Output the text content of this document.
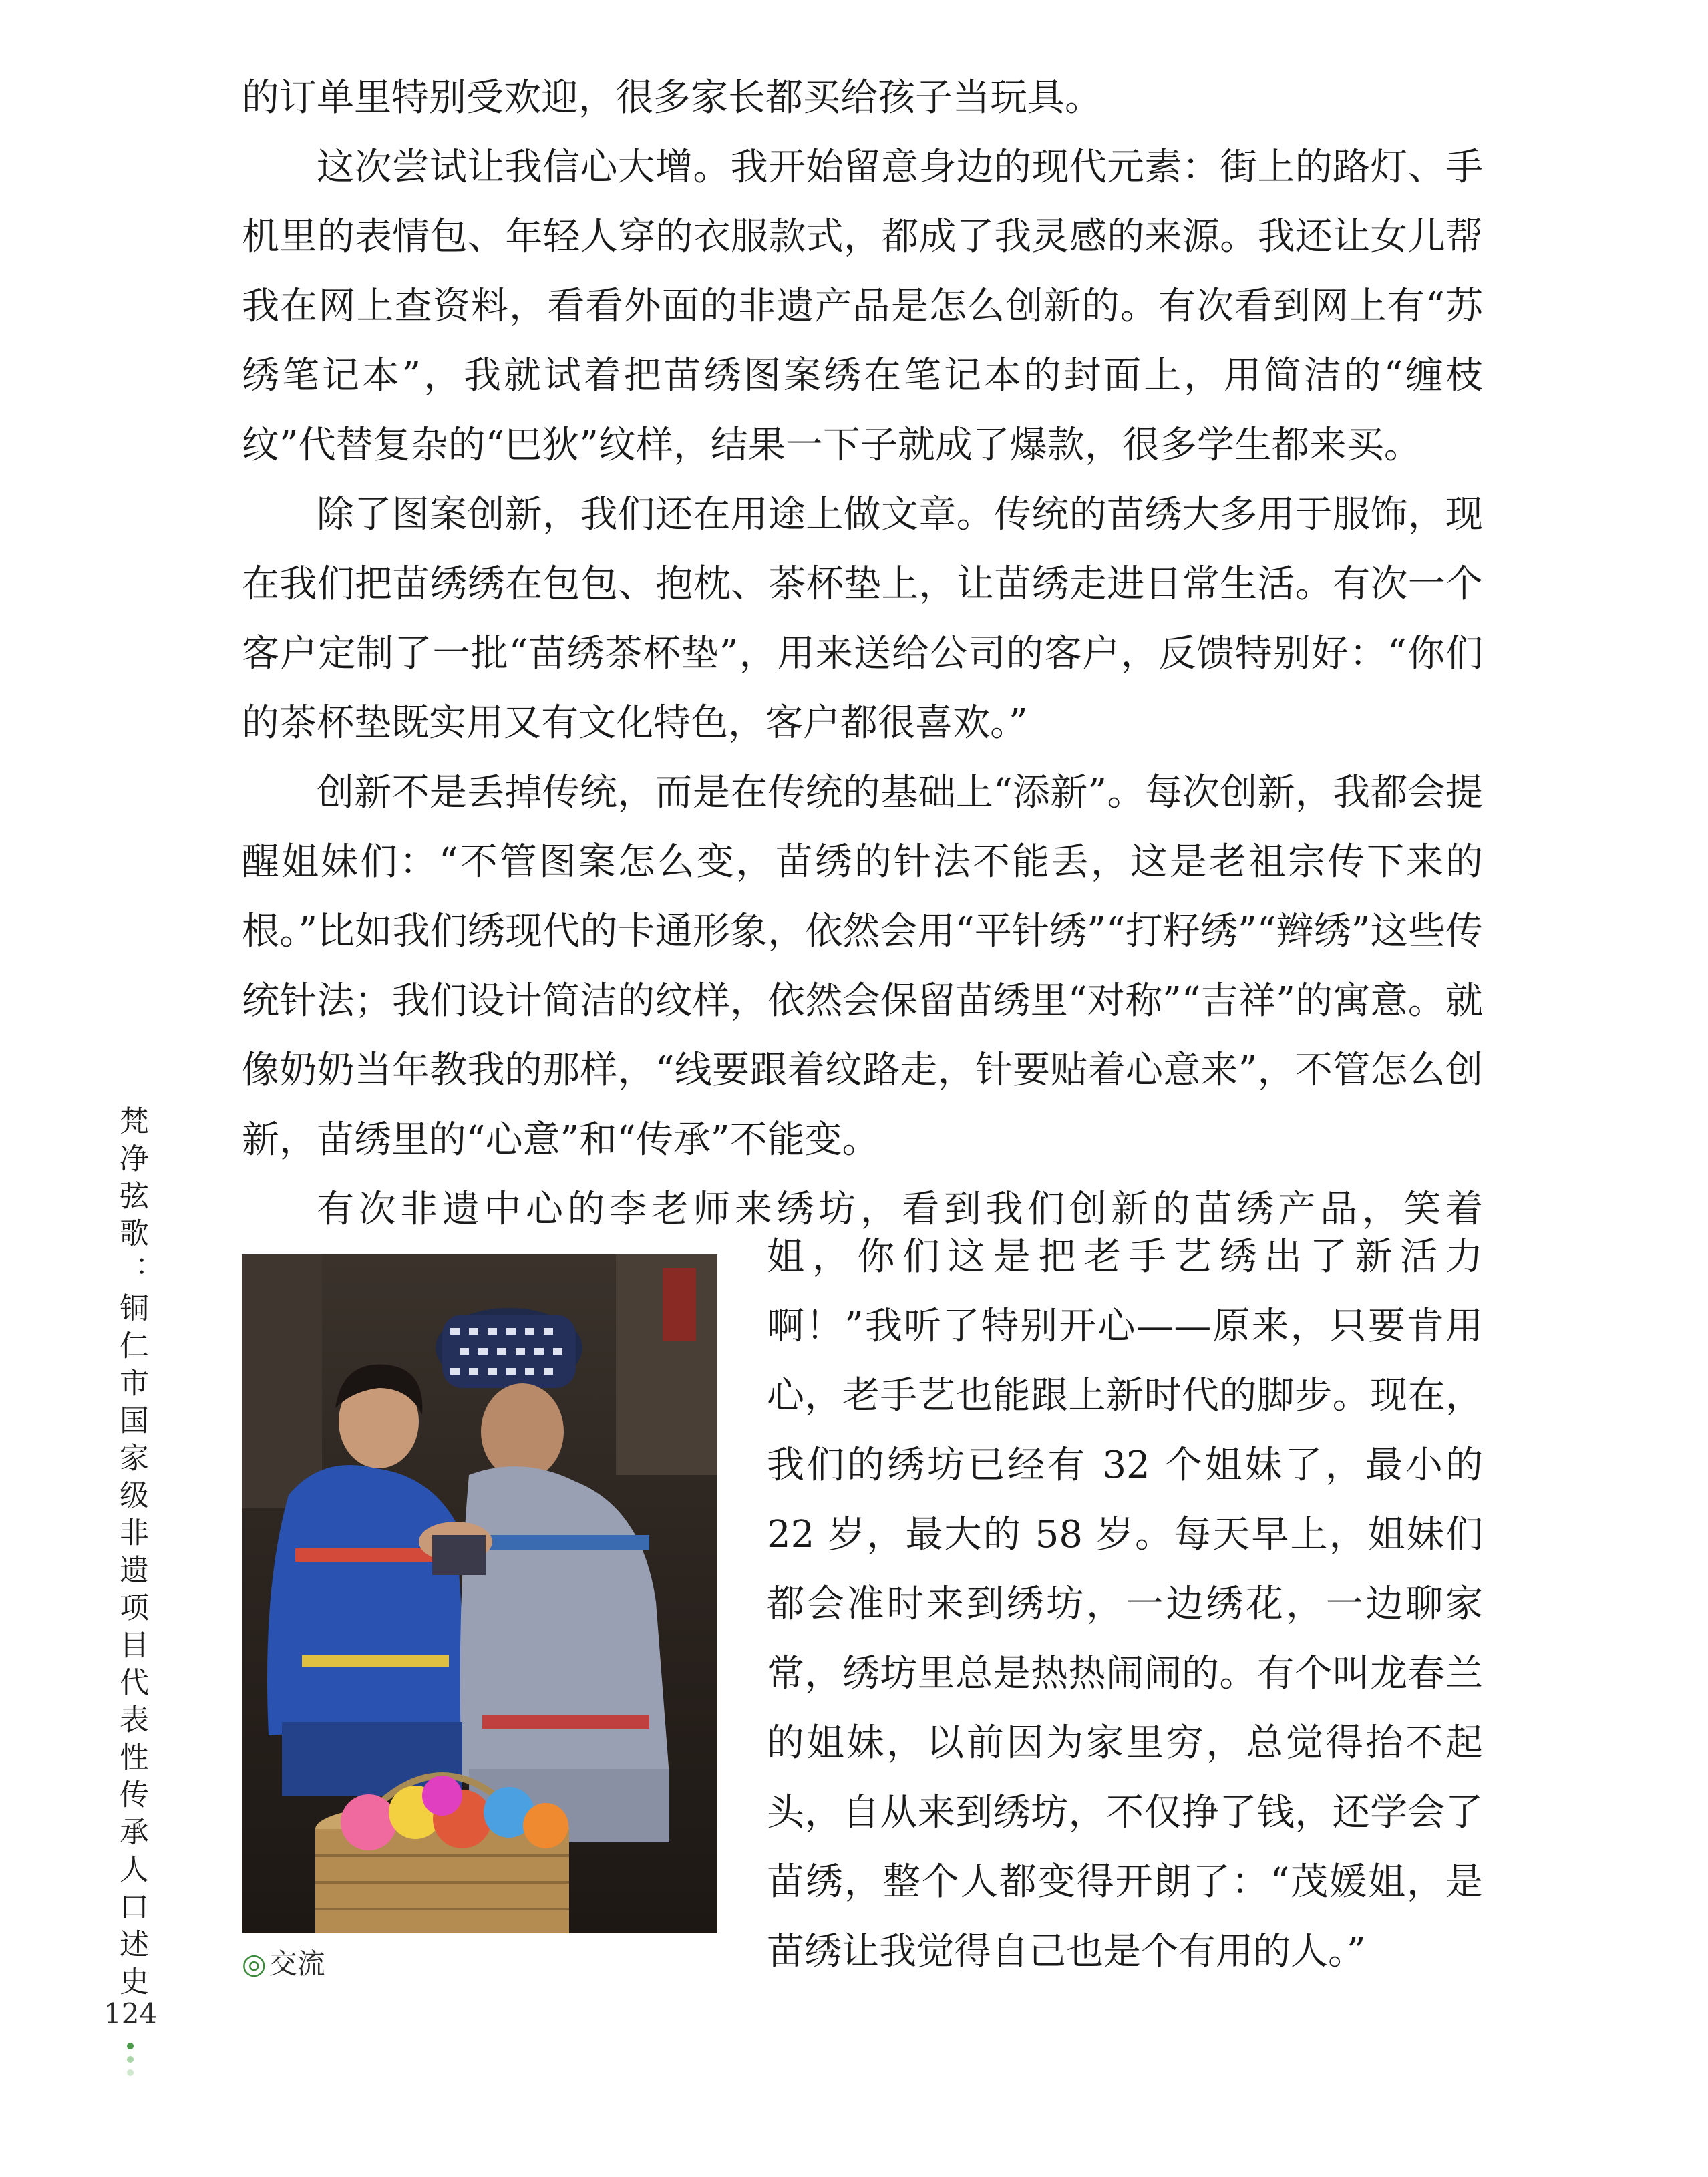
的订单里特别受欢迎，很多家长都买给孩子当玩具。

这次尝试让我信心大增。我开始留意身边的现代元素：街上的路灯、手机里的表情包、年轻人穿的衣服款式，都成了我灵感的来源。我还让女儿帮我在网上查资料，看看外面的非遗产品是怎么创新的。有次看到网上有“苏绣笔记本”，我就试着把苗绣图案绣在笔记本的封面上，用简洁的“缠枝纹”代替复杂的“巴狄”纹样，结果一下子就成了爆款，很多学生都来买。

除了图案创新，我们还在用途上做文章。传统的苗绣大多用于服饰，现在我们把苗绣绣在包包、抱枕、茶杯垫上，让苗绣走进日常生活。有次一个客户定制了一批“苗绣茶杯垫”，用来送给公司的客户，反馈特别好：“你们的茶杯垫既实用又有文化特色，客户都很喜欢。”

创新不是丢掉传统，而是在传统的基础上“添新”。每次创新，我都会提醒姐妹们：“不管图案怎么变，苗绣的针法不能丢，这是老祖宗传下来的根。”比如我们绣现代的卡通形象，依然会用“平针绣”“打籽绣”“辫绣”这些传统针法；我们设计简洁的纹样，依然会保留苗绣里“对称”“吉祥”的寓意。就像奶奶当年教我的那样，“线要跟着纹路走，针要贴着心意来”，不管怎么创新，苗绣里的“心意”和“传承”不能变。

有次非遗中心的李老师来绣坊，看到我们创新的苗绣产品，笑着

◎交流

姐，你们这是把老手艺绣出了新活力啊！”我听了特别开心——原来，只要肯用心，老手艺也能跟上新时代的脚步。现在，我们的绣坊已经有 32 个姐妹了，最小的 22 岁，最大的 58 岁。每天早上，姐妹们都会准时来到绣坊，一边绣花，一边聊家常，绣坊里总是热热闹闹的。有个叫龙春兰的姐妹，以前因为家里穷，总觉得抬不起头，自从来到绣坊，不仅挣了钱，还学会了苗绣，整个人都变得开朗了：“茂媛姐，是苗绣让我觉得自己也是个有用的人。”

梵净弦歌：铜仁市国家级非遗项目代表性传承人口述史
124
